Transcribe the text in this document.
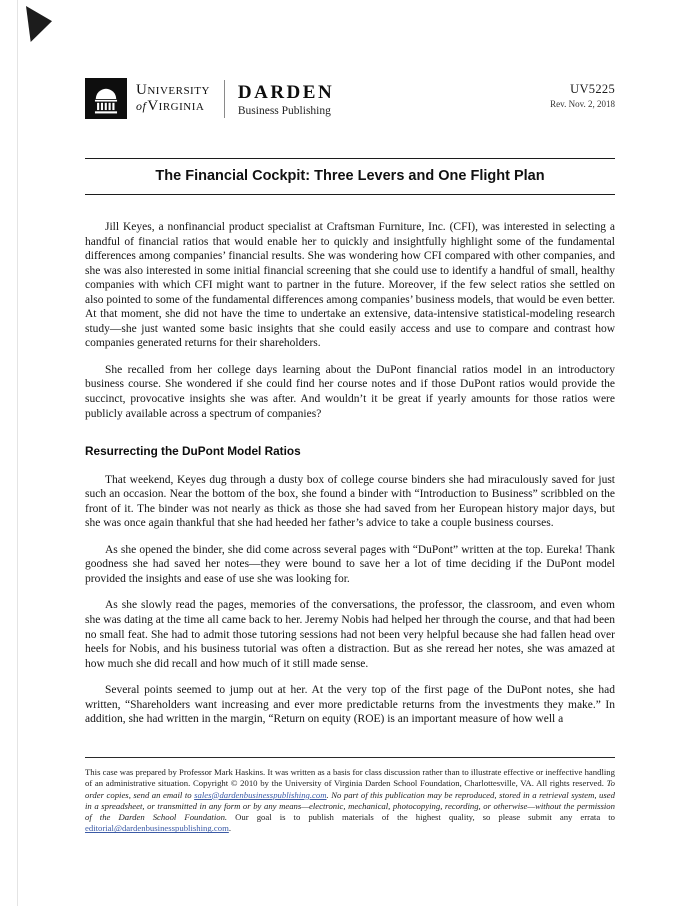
University
ofVirginia
DARDEN
Business Publishing
UV5225
Rev. Nov. 2, 2018
The Financial Cockpit: Three Levers and One Flight Plan

Jill Keyes, a nonfinancial product specialist at Craftsman Furniture, Inc. (CFI), was interested in selecting a handful of financial ratios that would enable her to quickly and insightfully highlight some of the fundamental differences among companies’ financial results. She was wondering how CFI compared with other companies, and she was also interested in some initial financial screening that she could use to identify a handful of small, healthy companies with which CFI might want to partner in the future. Moreover, if the few select ratios she settled on also pointed to some of the fundamental differences among companies’ business models, that would be even better. At that moment, she did not have the time to undertake an extensive, data-intensive statistical-modeling research study—she just wanted some basic insights that she could easily access and use to compare and contrast how companies generated returns for their shareholders.

She recalled from her college days learning about the DuPont financial ratios model in an introductory business course. She wondered if she could find her course notes and if those DuPont ratios would provide the succinct, provocative insights she was after. And wouldn’t it be great if yearly amounts for those ratios were publicly available across a spectrum of companies?

Resurrecting the DuPont Model Ratios

That weekend, Keyes dug through a dusty box of college course binders she had miraculously saved for just such an occasion. Near the bottom of the box, she found a binder with “Introduction to Business” scribbled on the front of it. The binder was not nearly as thick as those she had saved from her European history major days, but she was once again thankful that she had heeded her father’s advice to take a couple business courses.

As she opened the binder, she did come across several pages with “DuPont” written at the top. Eureka! Thank goodness she had saved her notes—they were bound to save her a lot of time deciding if the DuPont model provided the insights and ease of use she was looking for.

As she slowly read the pages, memories of the conversations, the professor, the classroom, and even whom she was dating at the time all came back to her. Jeremy Nobis had helped her through the course, and that had been no small feat. She had to admit those tutoring sessions had not been very helpful because she had fallen head over heels for Nobis, and his business tutorial was often a distraction. But as she reread her notes, she was amazed at how much she did recall and how much of it still made sense.

Several points seemed to jump out at her. At the very top of the first page of the DuPont notes, she had written, “Shareholders want increasing and ever more predictable returns from the investments they make.” In addition, she had written in the margin, “Return on equity (ROE) is an important measure of how well a

This case was prepared by Professor Mark Haskins. It was written as a basis for class discussion rather than to illustrate effective or ineffective handling of an administrative situation. Copyright © 2010 by the University of Virginia Darden School Foundation, Charlottesville, VA. All rights reserved. To order copies, send an email to sales@dardenbusinesspublishing.com. No part of this publication may be reproduced, stored in a retrieval system, used in a spreadsheet, or transmitted in any form or by any means—electronic, mechanical, photocopying, recording, or otherwise—without the permission of the Darden School Foundation. Our goal is to publish materials of the highest quality, so please submit any errata to editorial@dardenbusinesspublishing.com.
